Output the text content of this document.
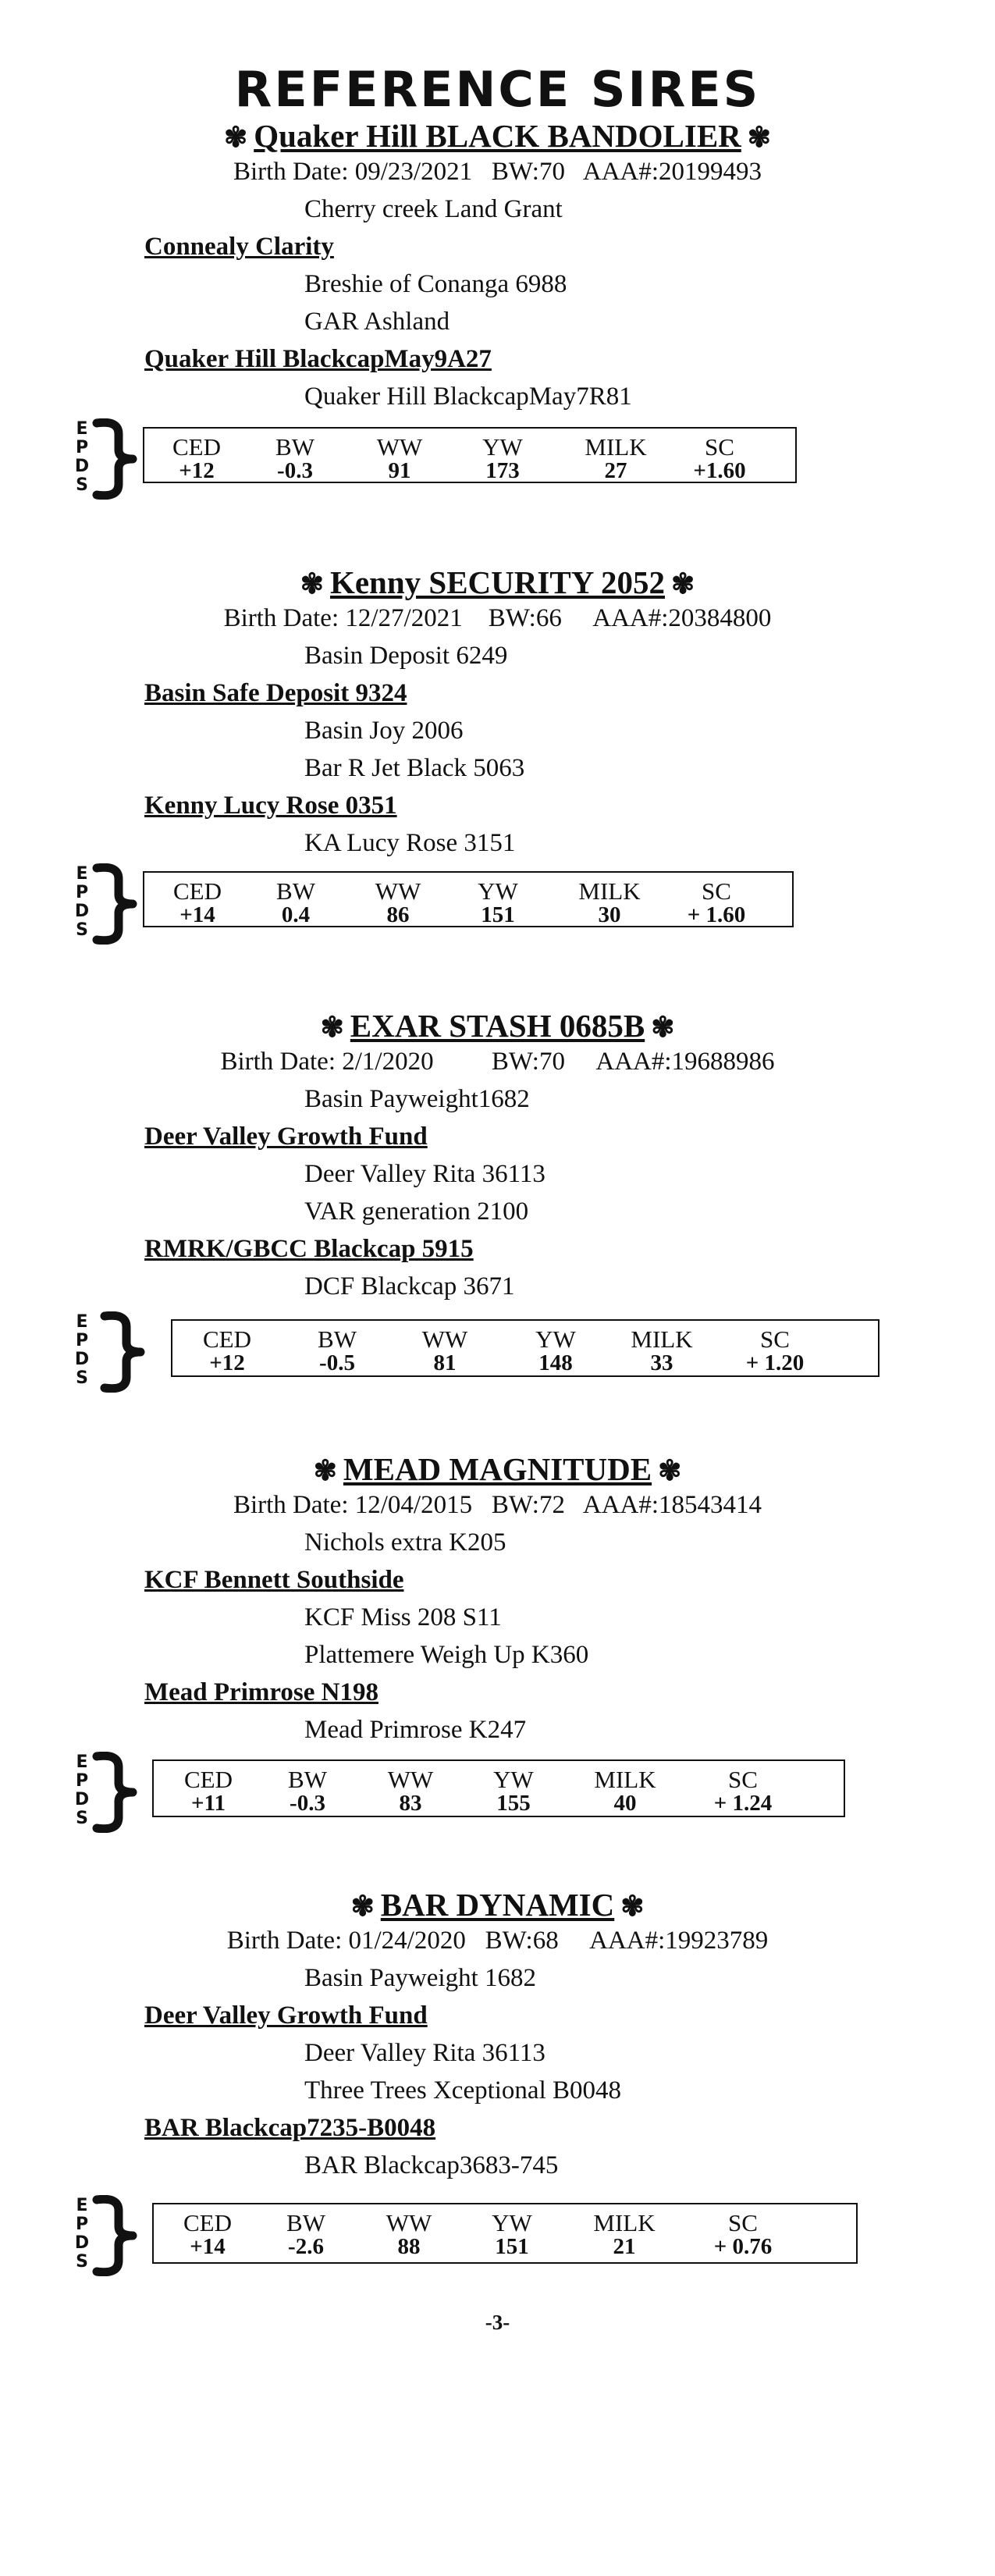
REFERENCE SIRES
✾ Quaker Hill BLACK BANDOLIER ✾
Birth Date: 09/23/2021   BW:70   AAA#:20199493
Cherry creek Land Grant
Connealy Clarity
Breshie of Conanga 6988
GAR Ashland
Quaker Hill BlackcapMay9A27
Quaker Hill BlackcapMay7R81
E
P
D
S
CED
+12
BW
-0.3
WW
91
YW
173
MILK
27
SC
+1.60
✾ Kenny SECURITY 2052 ✾
Birth Date: 12/27/2021    BW:66     AAA#:20384800
Basin Deposit 6249
Basin Safe Deposit 9324
Basin Joy 2006
Bar R Jet Black 5063
Kenny Lucy Rose 0351
KA Lucy Rose 3151
E
P
D
S
CED
+14
BW
0.4
WW
86
YW
151
MILK
30
SC
+ 1.60
✾ EXAR STASH 0685B ✾
Birth Date: 2/1/2020         BW:70     AAA#:19688986
Basin Payweight1682
Deer Valley Growth Fund
Deer Valley Rita 36113
VAR generation 2100
RMRK/GBCC Blackcap 5915
DCF Blackcap 3671
E
P
D
S
CED
+12
BW
-0.5
WW
81
YW
148
MILK
33
SC
+ 1.20
✾ MEAD MAGNITUDE ✾
Birth Date: 12/04/2015   BW:72   AAA#:18543414
Nichols extra K205
KCF Bennett Southside
KCF Miss 208 S11
Plattemere Weigh Up K360
Mead Primrose N198
Mead Primrose K247
E
P
D
S
CED
+11
BW
-0.3
WW
83
YW
155
MILK
40
SC
+ 1.24
✾ BAR DYNAMIC ✾
Birth Date: 01/24/2020   BW:68     AAA#:19923789
Basin Payweight 1682
Deer Valley Growth Fund
Deer Valley Rita 36113
Three Trees Xceptional B0048
BAR Blackcap7235-B0048
BAR Blackcap3683-745
E
P
D
S
CED
+14
BW
-2.6
WW
88
YW
151
MILK
21
SC
+ 0.76
-3-
